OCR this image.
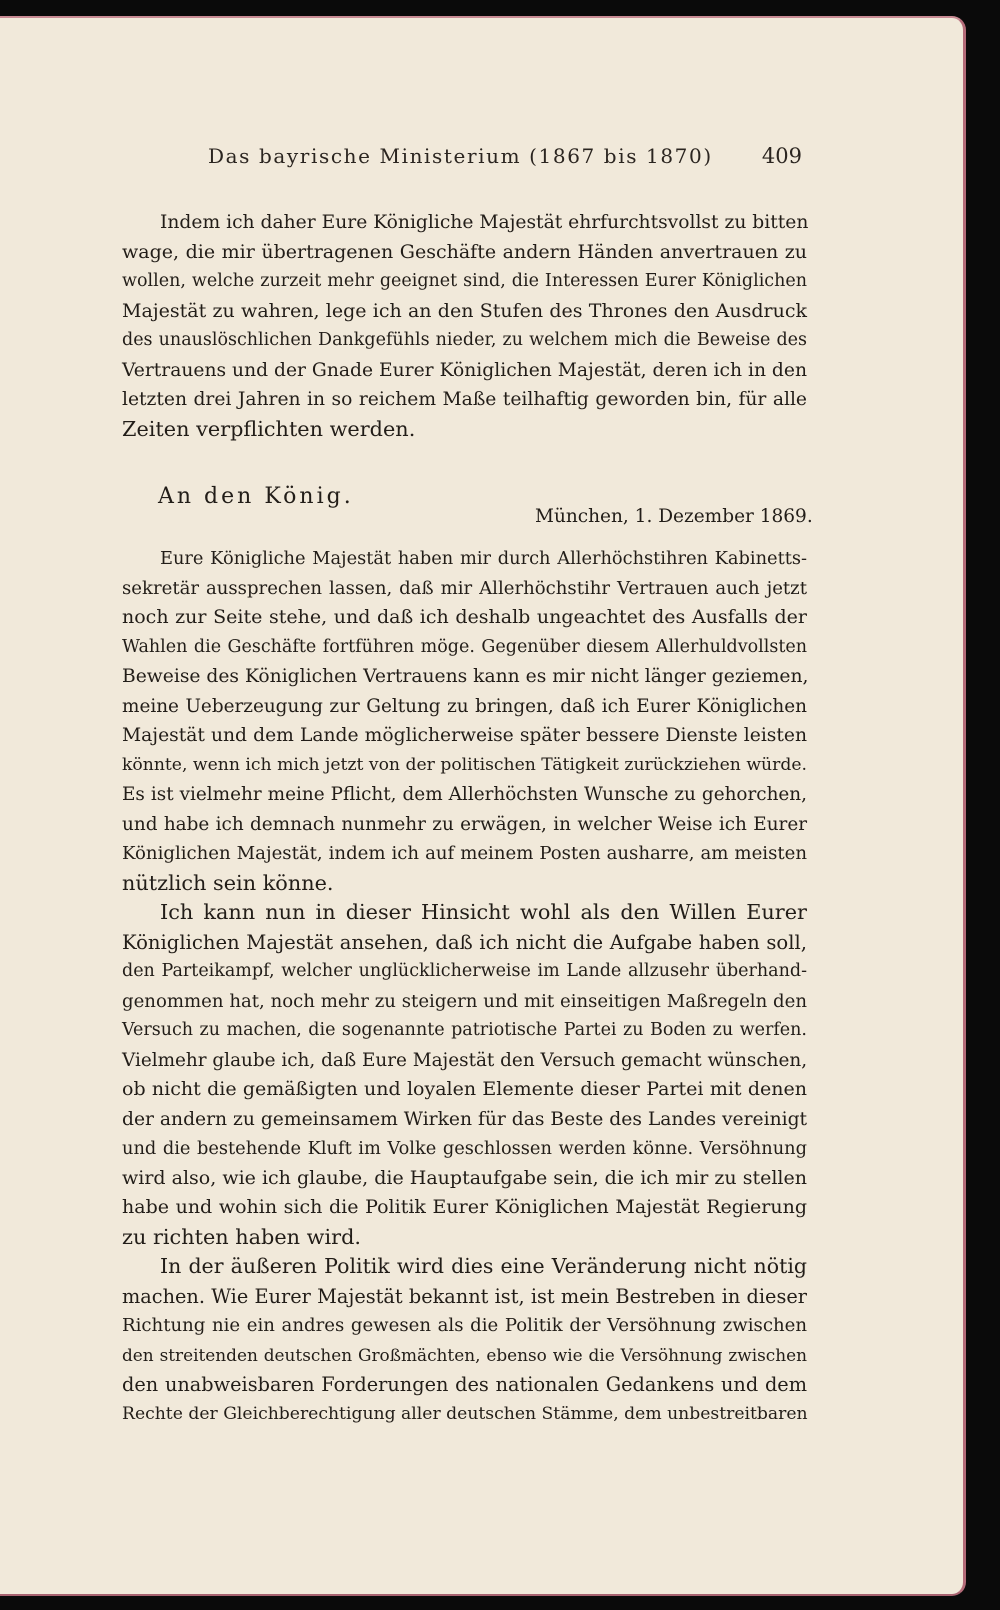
Das bayrische Ministerium (1867 bis 1870) 409
Indem ich daher Eure Königliche Majestät ehrfurchtsvollst zu bitten
wage, die mir übertragenen Geschäfte andern Händen anvertrauen zu
wollen, welche zurzeit mehr geeignet sind, die Interessen Eurer Königlichen
Majestät zu wahren, lege ich an den Stufen des Thrones den Ausdruck
des unauslöschlichen Dankgefühls nieder, zu welchem mich die Beweise des
Vertrauens und der Gnade Eurer Königlichen Majestät, deren ich in den
letzten drei Jahren in so reichem Maße teilhaftig geworden bin, für alle
Zeiten verpflichten werden.
An den König.
München, 1. Dezember 1869.
Eure Königliche Majestät haben mir durch Allerhöchstihren Kabinetts-
sekretär aussprechen lassen, daß mir Allerhöchstihr Vertrauen auch jetzt
noch zur Seite stehe, und daß ich deshalb ungeachtet des Ausfalls der
Wahlen die Geschäfte fortführen möge. Gegenüber diesem Allerhuldvollsten
Beweise des Königlichen Vertrauens kann es mir nicht länger geziemen,
meine Ueberzeugung zur Geltung zu bringen, daß ich Eurer Königlichen
Majestät und dem Lande möglicherweise später bessere Dienste leisten
könnte, wenn ich mich jetzt von der politischen Tätigkeit zurückziehen würde.
Es ist vielmehr meine Pflicht, dem Allerhöchsten Wunsche zu gehorchen,
und habe ich demnach nunmehr zu erwägen, in welcher Weise ich Eurer
Königlichen Majestät, indem ich auf meinem Posten ausharre, am meisten
nützlich sein könne.
Ich kann nun in dieser Hinsicht wohl als den Willen Eurer
Königlichen Majestät ansehen, daß ich nicht die Aufgabe haben soll,
den Parteikampf, welcher unglücklicherweise im Lande allzusehr überhand-
genommen hat, noch mehr zu steigern und mit einseitigen Maßregeln den
Versuch zu machen, die sogenannte patriotische Partei zu Boden zu werfen.
Vielmehr glaube ich, daß Eure Majestät den Versuch gemacht wünschen,
ob nicht die gemäßigten und loyalen Elemente dieser Partei mit denen
der andern zu gemeinsamem Wirken für das Beste des Landes vereinigt
und die bestehende Kluft im Volke geschlossen werden könne. Versöhnung
wird also, wie ich glaube, die Hauptaufgabe sein, die ich mir zu stellen
habe und wohin sich die Politik Eurer Königlichen Majestät Regierung
zu richten haben wird.
In der äußeren Politik wird dies eine Veränderung nicht nötig
machen. Wie Eurer Majestät bekannt ist, ist mein Bestreben in dieser
Richtung nie ein andres gewesen als die Politik der Versöhnung zwischen
den streitenden deutschen Großmächten, ebenso wie die Versöhnung zwischen
den unabweisbaren Forderungen des nationalen Gedankens und dem
Rechte der Gleichberechtigung aller deutschen Stämme, dem unbestreitbaren
